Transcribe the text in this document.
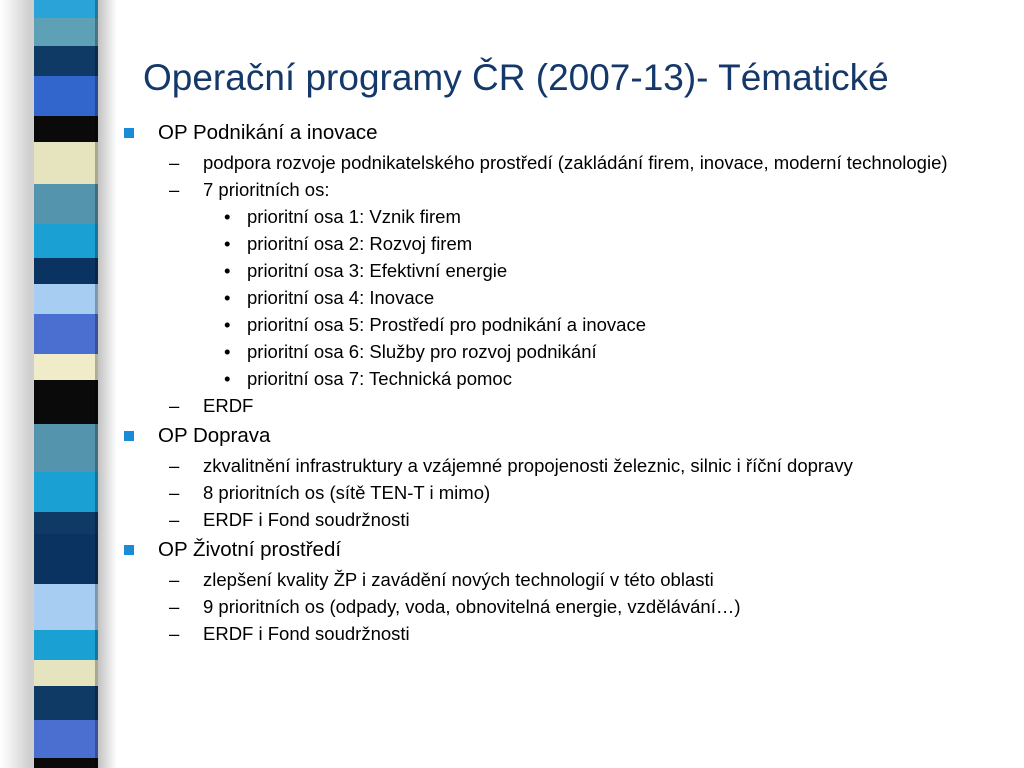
Operační programy ČR (2007-13)- Tématické
OP Podnikání a inovace
– podpora rozvoje podnikatelského prostředí (zakládání firem, inovace, moderní technologie)
– 7 prioritních os:
• prioritní osa 1: Vznik firem
• prioritní osa 2: Rozvoj firem
• prioritní osa 3: Efektivní energie
• prioritní osa 4: Inovace
• prioritní osa 5: Prostředí pro podnikání a inovace
• prioritní osa 6: Služby pro rozvoj podnikání
• prioritní osa 7: Technická pomoc
– ERDF
OP Doprava
– zkvalitnění infrastruktury a vzájemné propojenosti železnic, silnic i říční dopravy
– 8 prioritních os (sítě TEN-T i mimo)
– ERDF i Fond soudržnosti
OP Životní prostředí
– zlepšení kvality ŽP i zavádění nových technologií v této oblasti
– 9 prioritních os (odpady, voda, obnovitelná energie, vzdělávání…)
– ERDF i Fond soudržnosti
